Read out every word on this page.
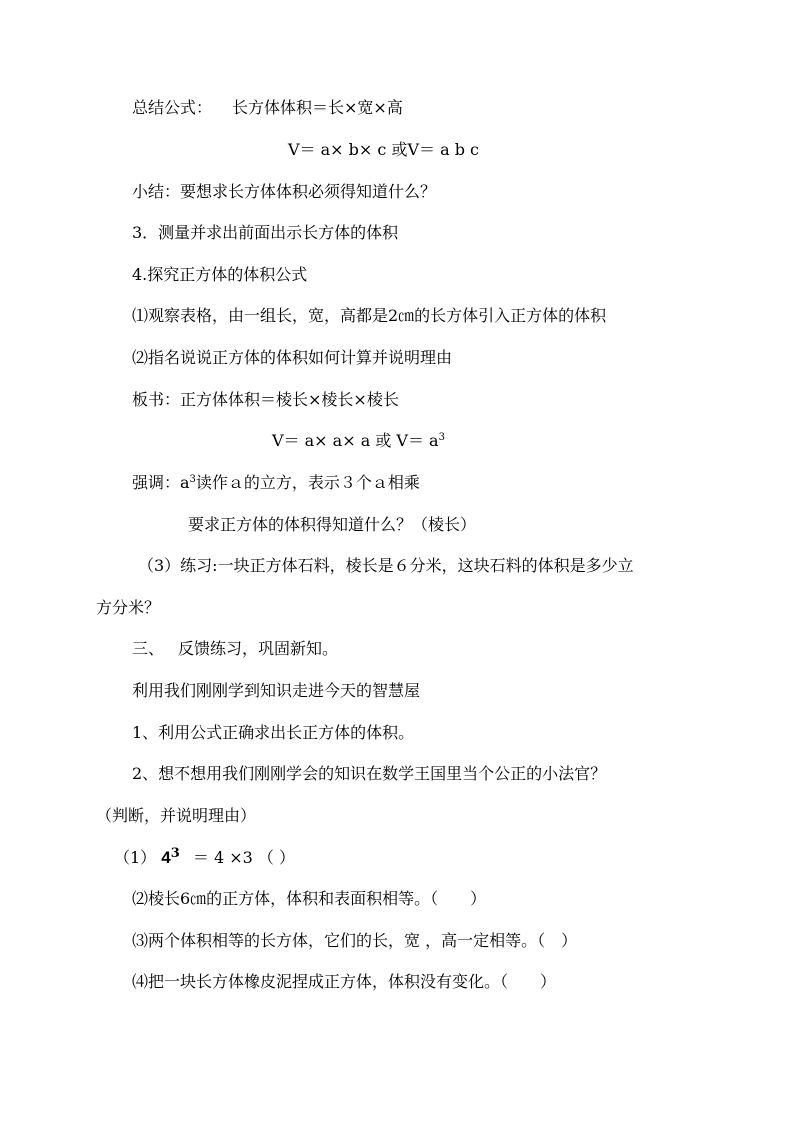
总结公式： 长方体体积＝长×宽×高

V＝ a× b× c 或V＝ a b c

小结：要想求长方体体积必须得知道什么？

3．测量并求出前面出示长方体的体积

4.探究正方体的体积公式

⑴观察表格，由一组长，宽，高都是2㎝的长方体引入正方体的体积

⑵指名说说正方体的体积如何计算并说明理由

板书：正方体体积＝棱长×棱长×棱长

V＝ a× a× a 或 $V= a^3$

强调：$a^3$读作ａ的立方，表示３个ａ相乘

要求正方体的体积得知道什么？（棱长）

（3）练习:一块正方体石料，棱长是６分米，这块石料的体积是多少立

方分米？

三、 反馈练习，巩固新知。

利用我们刚刚学到知识走进今天的智慧屋

1、利用公式正确求出长正方体的体积。

2、想不想用我们刚刚学会的知识在数学王国里当个公正的小法官？

（判断，并说明理由）

（1） $4^3 = 4 \times 3$ （ ）

⑵棱长6㎝的正方体，体积和表面积相等。（　　）

⑶两个体积相等的长方体，它们的长，宽 ，高一定相等。（　）

⑷把一块长方体橡皮泥捏成正方体，体积没有变化。（　　）
